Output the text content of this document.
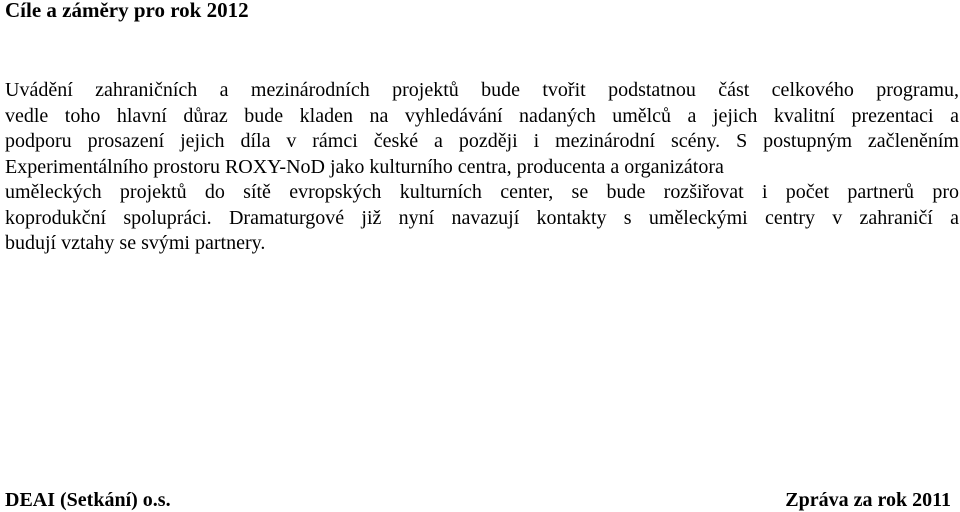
Cíle a záměry pro rok 2012
Uvádění zahraničních a mezinárodních projektů bude tvořit podstatnou část celkového programu,
vedle toho hlavní důraz bude kladen na vyhledávání nadaných umělců a jejich kvalitní prezentaci a
podporu prosazení jejich díla v rámci české a později i mezinárodní scény. S postupným začleněním
Experimentálního prostoru ROXY-NoD jako kulturního centra, producenta a organizátora
uměleckých projektů do sítě evropských kulturních center, se bude rozšiřovat i počet partnerů pro
koprodukční spolupráci. Dramaturgové již nyní navazují kontakty s uměleckými centry v zahraničí a
budují vztahy se svými partnery.
DEAI (Setkání) o.s.	Zpráva za rok 2011
